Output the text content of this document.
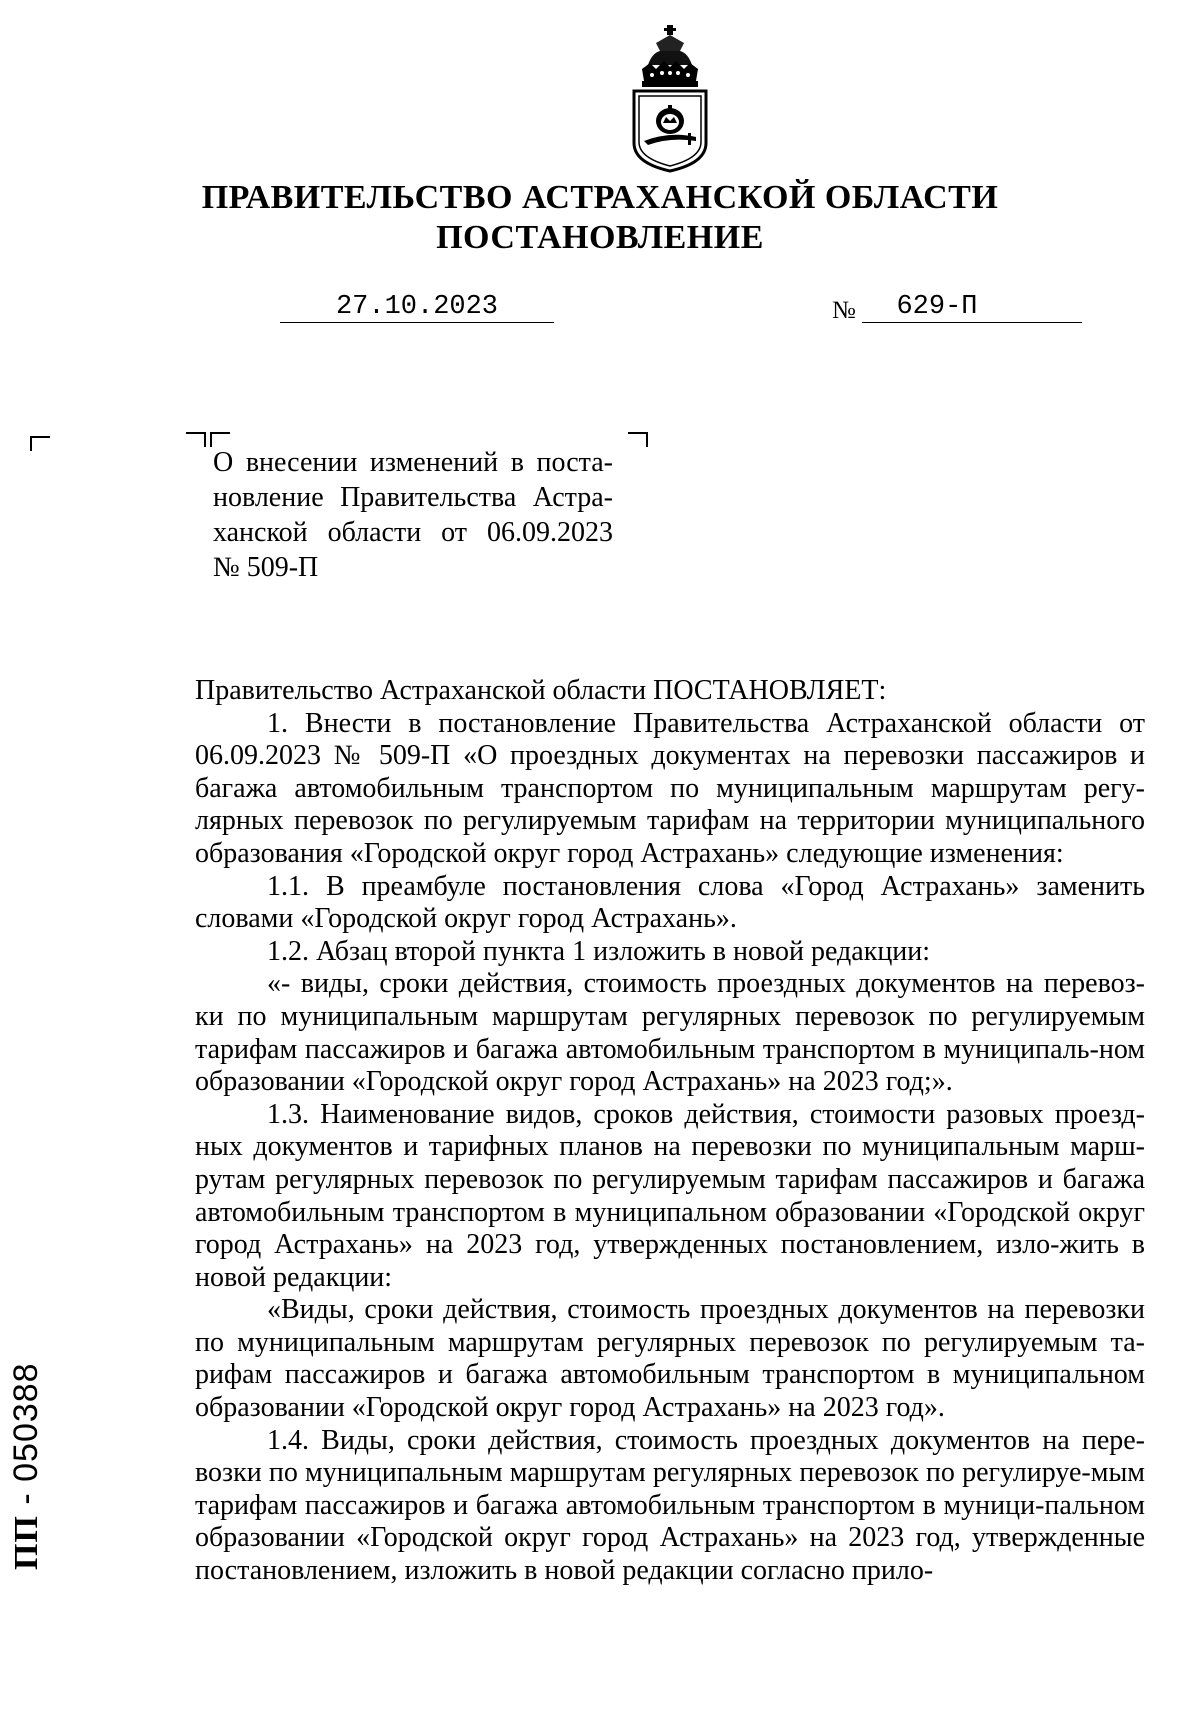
ПРАВИТЕЛЬСТВО АСТРАХАНСКОЙ ОБЛАСТИ
ПОСТАНОВЛЕНИЕ
27.10.2023	№	629-П
О внесении изменений в поста-
новление Правительства Астра-
ханской области от 06.09.2023
№ 509-П

Правительство Астраханской области ПОСТАНОВЛЯЕТ:

1. Внести в постановление Правительства Астраханской области от 06.09.2023 № 509-П «О проездных документах на перевозки пассажиров и багажа автомобильным транспортом по муниципальным маршрутам регу-лярных перевозок по регулируемым тарифам на территории муниципального образования «Городской округ город Астрахань» следующие изменения:

1.1. В преамбуле постановления слова «Город Астрахань» заменить словами «Городской округ город Астрахань».

1.2. Абзац второй пункта 1 изложить в новой редакции:

«- виды, сроки действия, стоимость проездных документов на перевоз-ки по муниципальным маршрутам регулярных перевозок по регулируемым тарифам пассажиров и багажа автомобильным транспортом в муниципаль-ном образовании «Городской округ город Астрахань» на 2023 год;».

1.3. Наименование видов, сроков действия, стоимости разовых проезд-ных документов и тарифных планов на перевозки по муниципальным марш-рутам регулярных перевозок по регулируемым тарифам пассажиров и багажа автомобильным транспортом в муниципальном образовании «Городской округ город Астрахань» на 2023 год, утвержденных постановлением, изло-жить в новой редакции:

«Виды, сроки действия, стоимость проездных документов на перевозки по муниципальным маршрутам регулярных перевозок по регулируемым та-рифам пассажиров и багажа автомобильным транспортом в муниципальном образовании «Городской округ город Астрахань» на 2023 год».

1.4. Виды, сроки действия, стоимость проездных документов на пере-возки по муниципальным маршрутам регулярных перевозок по регулируе-мым тарифам пассажиров и багажа автомобильным транспортом в муници-пальном образовании «Городской округ город Астрахань» на 2023 год, утвержденные постановлением, изложить в новой редакции согласно прило-

ПП - 050388
